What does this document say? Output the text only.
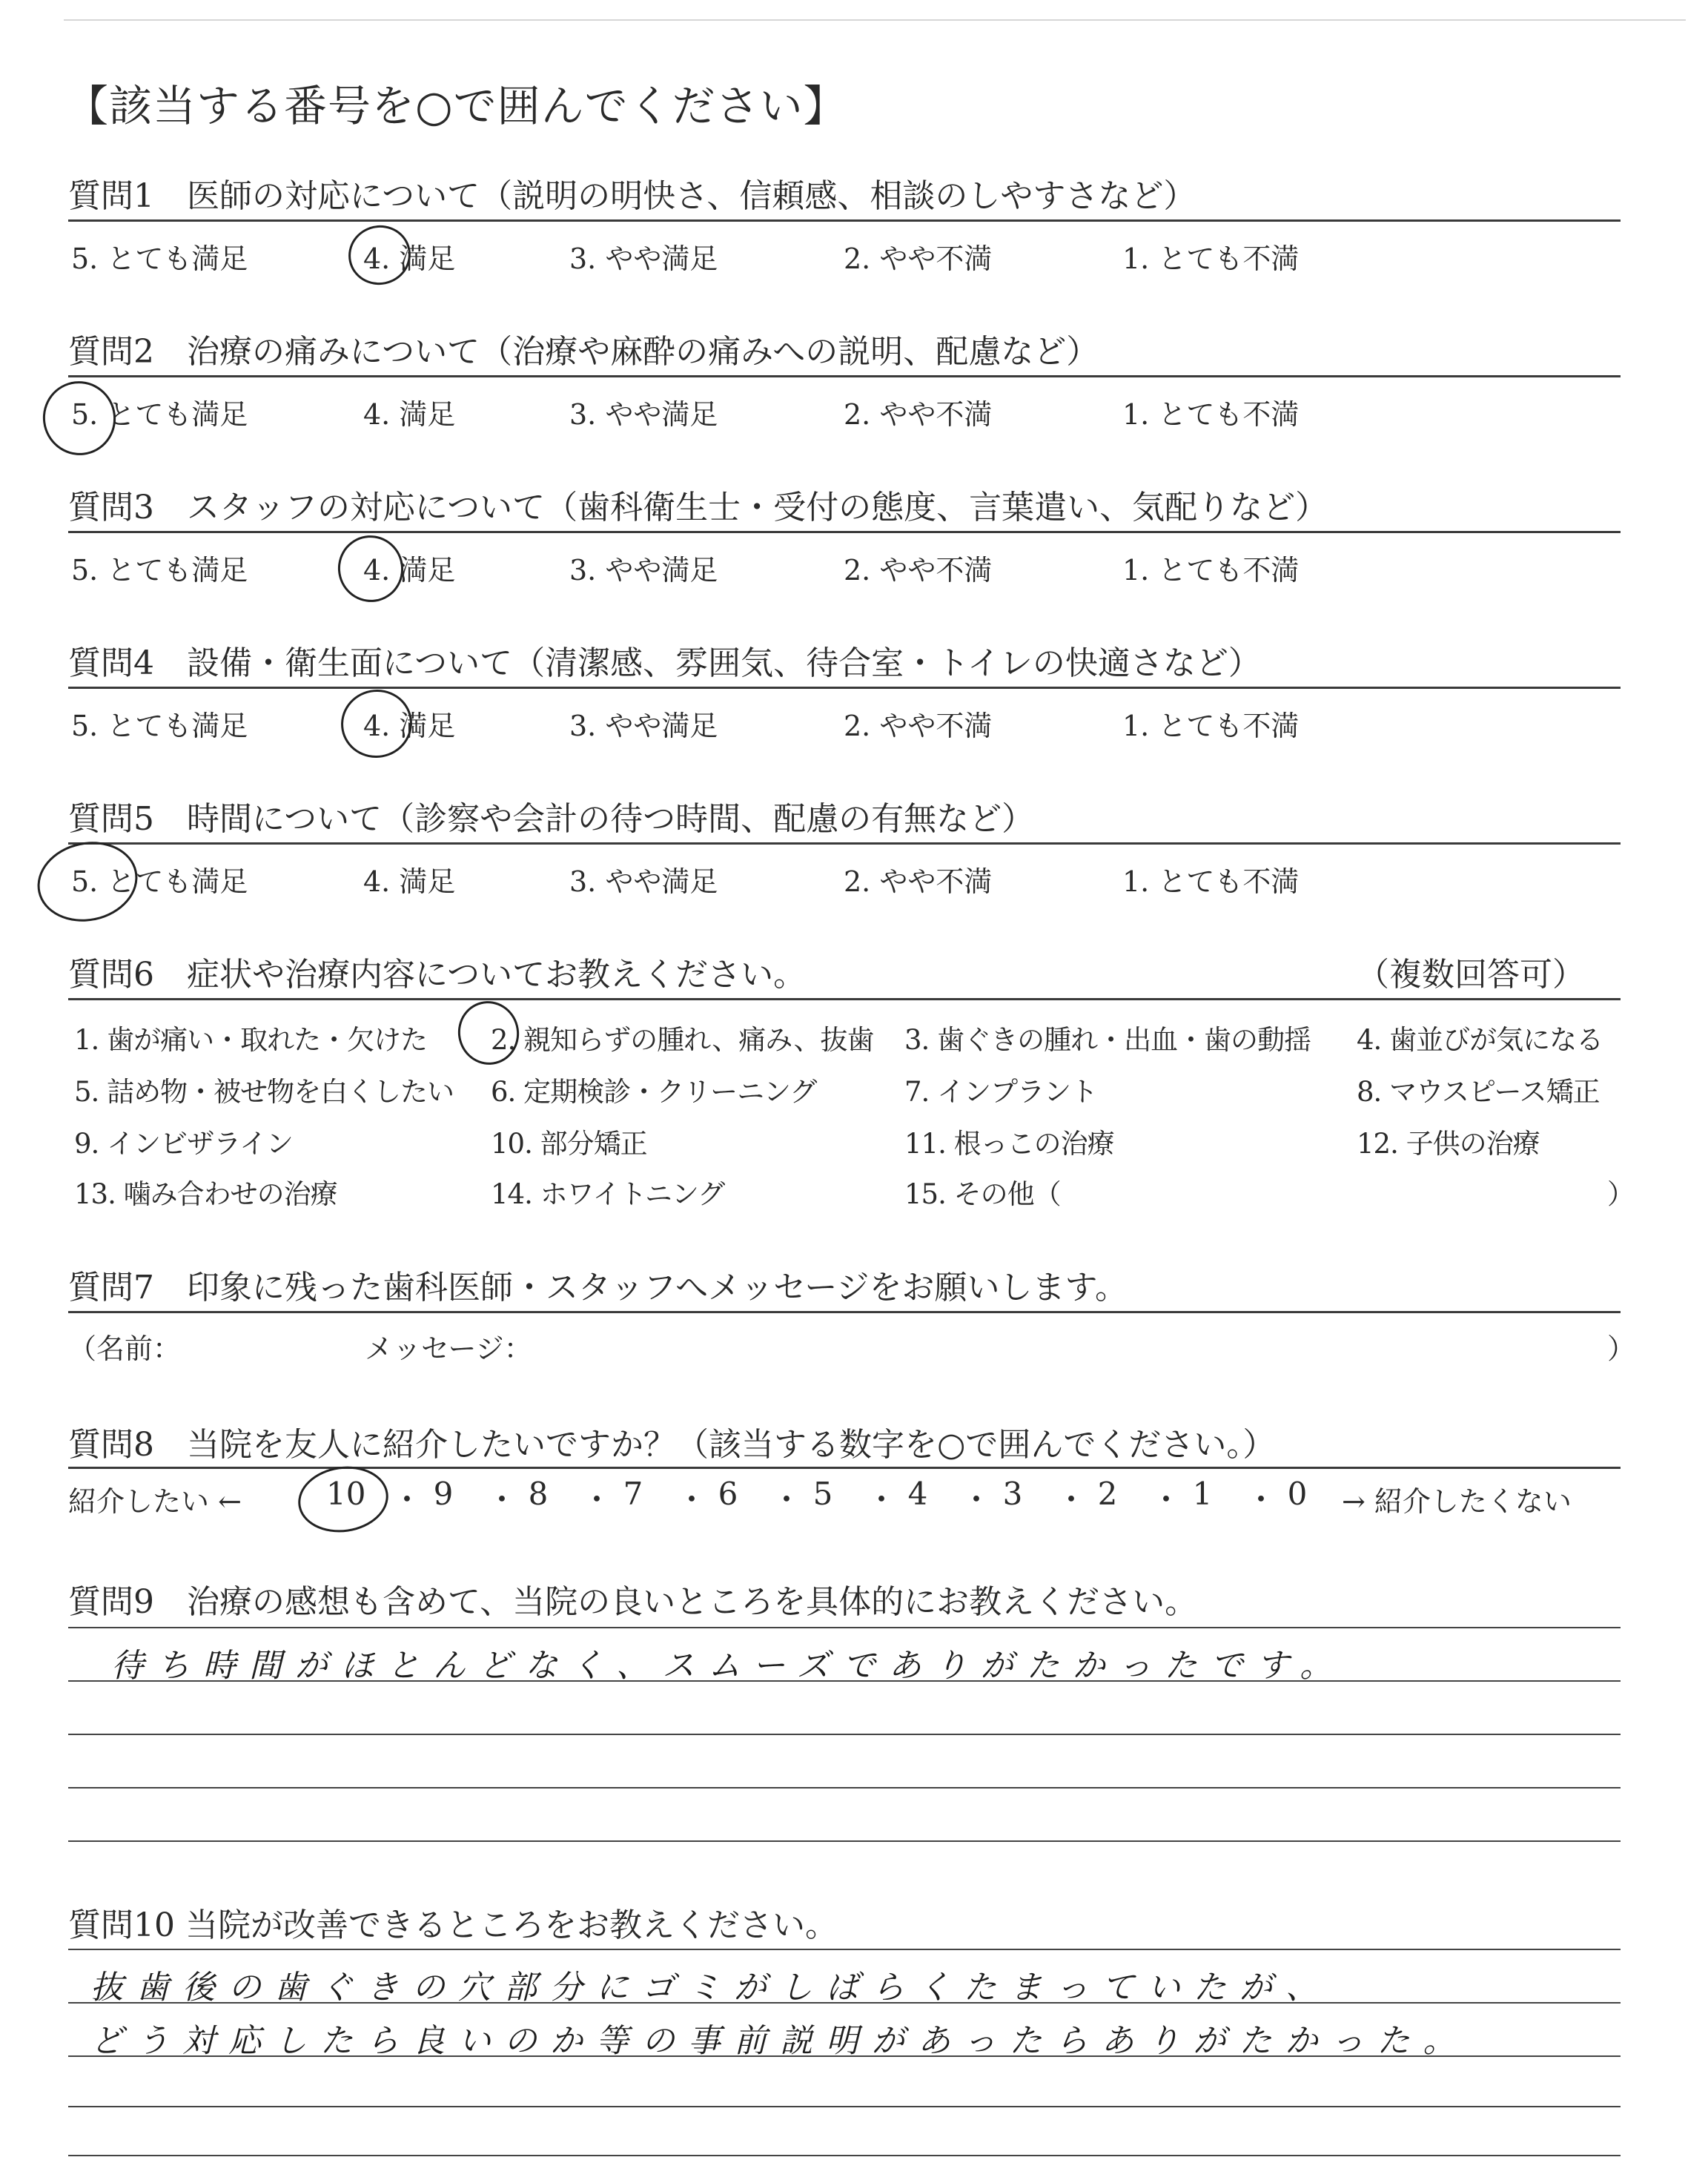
【該当する番号を○で囲んでください】
質問1　医師の対応について（説明の明快さ、信頼感、相談のしやすさなど）
5. とても満足	4. 満足	3. やや満足	2. やや不満	1. とても不満
質問2　治療の痛みについて（治療や麻酔の痛みへの説明、配慮など）
5. とても満足	4. 満足	3. やや満足	2. やや不満	1. とても不満
質問3　スタッフの対応について（歯科衛生士・受付の態度、言葉遣い、気配りなど）
5. とても満足	4. 満足	3. やや満足	2. やや不満	1. とても不満
質問4　設備・衛生面について（清潔感、雰囲気、待合室・トイレの快適さなど）
5. とても満足	4. 満足	3. やや満足	2. やや不満	1. とても不満
質問5　時間について（診察や会計の待つ時間、配慮の有無など）
5. とても満足	4. 満足	3. やや満足	2. やや不満	1. とても不満
質問6　症状や治療内容についてお教えください。	（複数回答可）
1. 歯が痛い・取れた・欠けた 2. 親知らずの腫れ、痛み、抜歯 3. 歯ぐきの腫れ・出血・歯の動揺 4. 歯並びが気になる
5. 詰め物・被せ物を白くしたい 6. 定期検診・クリーニング	7. インプラント	8. マウスピース矯正
9. インビザライン	10. 部分矯正	11. 根っこの治療	12. 子供の治療
13. 噛み合わせの治療	14. ホワイトニング	15. その他（	）
質問7　印象に残った歯科医師・スタッフへメッセージをお願いします。
（名前：	メッセージ：	）
質問8　当院を友人に紹介したいですか？（該当する数字を○で囲んでください。）
紹介したい ←	10 ・ 9 ・ 8 ・ 7 ・ 6 ・ 5 ・ 4 ・ 3 ・ 2 ・ 1 ・ 0 → 紹介したくない
質問9　治療の感想も含めて、当院の良いところを具体的にお教えください。
待ち時間がほとんどなく、スムーズでありがたかったです。
質問10 当院が改善できるところをお教えください。
抜歯後の歯ぐきの穴部分にゴミがしばらくたまっていたが、
どう対応したら良いのか等の事前説明があったらありがたかった。
